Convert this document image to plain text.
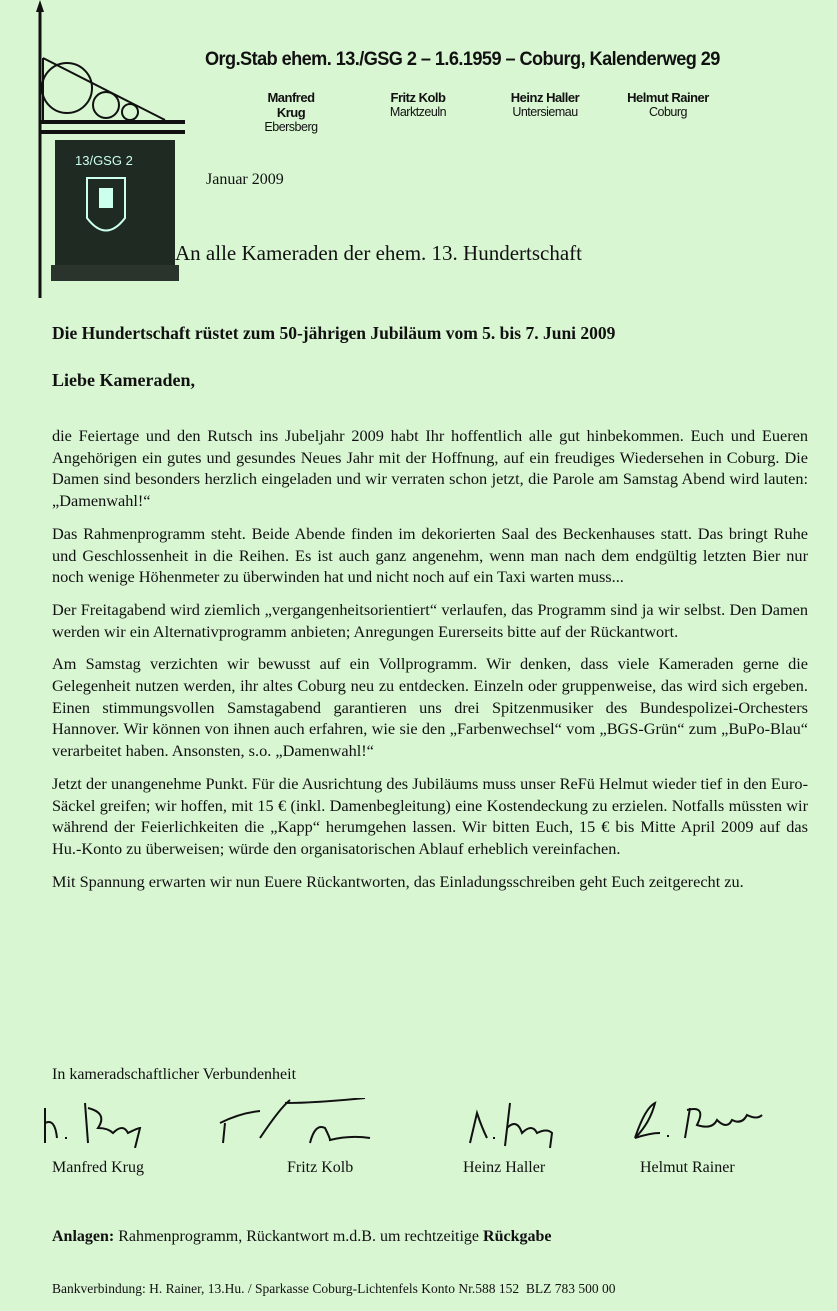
13/GSG 2
Org.Stab ehem. 13./GSG 2 – 1.6.1959 – Coburg, Kalenderweg 29
Manfred Krug
Ebersberg
Fritz Kolb
Marktzeuln
Heinz Haller
Untersiemau
Helmut Rainer
Coburg
Januar 2009
An alle Kameraden der ehem. 13. Hundertschaft
Die Hundertschaft rüstet zum 50-jährigen Jubiläum vom 5. bis 7. Juni 2009
Liebe Kameraden,

die Feiertage und den Rutsch ins Jubeljahr 2009 habt Ihr hoffentlich alle gut hinbekommen. Euch und Eueren Angehörigen ein gutes und gesundes Neues Jahr mit der Hoffnung, auf ein freudiges Wiedersehen in Coburg. Die Damen sind besonders herzlich eingeladen und wir verraten schon jetzt, die Parole am Samstag Abend wird lauten: „Damenwahl!“

Das Rahmenprogramm steht. Beide Abende finden im dekorierten Saal des Beckenhauses statt. Das bringt Ruhe und Geschlossenheit in die Reihen. Es ist auch ganz angenehm, wenn man nach dem endgültig letzten Bier nur noch wenige Höhenmeter zu überwinden hat und nicht noch auf ein Taxi warten muss...

Der Freitagabend wird ziemlich „vergangenheitsorientiert“ verlaufen, das Programm sind ja wir selbst. Den Damen werden wir ein Alternativprogramm anbieten; Anregungen Eurerseits bitte auf der Rückantwort.

Am Samstag verzichten wir bewusst auf ein Vollprogramm. Wir denken, dass viele Kameraden gerne die Gelegenheit nutzen werden, ihr altes Coburg neu zu entdecken. Einzeln oder gruppenweise, das wird sich ergeben. Einen stimmungsvollen Samstagabend garantieren uns drei Spitzenmusiker des Bundespolizei-Orchesters Hannover. Wir können von ihnen auch erfahren, wie sie den „Farbenwechsel“ vom „BGS-Grün“ zum „BuPo-Blau“ verarbeitet haben. Ansonsten, s.o. „Damenwahl!“

Jetzt der unangenehme Punkt. Für die Ausrichtung des Jubiläums muss unser ReFü Helmut wieder tief in den Euro-Säckel greifen; wir hoffen, mit 15 € (inkl. Damenbegleitung) eine Kostendeckung zu erzielen. Notfalls müssten wir während der Feierlichkeiten die „Kapp“ herumgehen lassen. Wir bitten Euch, 15 € bis Mitte April 2009 auf das Hu.-Konto zu überweisen; würde den organisatorischen Ablauf erheblich vereinfachen.

Mit Spannung erwarten wir nun Euere Rückantworten, das Einladungsschreiben geht Euch zeitgerecht zu.

In kameradschaftlicher Verbundenheit
Manfred Krug	Fritz Kolb	Heinz Haller	Helmut Rainer
Anlagen: Rahmenprogramm, Rückantwort m.d.B. um rechtzeitige Rückgabe
Bankverbindung: H. Rainer, 13.Hu. / Sparkasse Coburg-Lichtenfels Konto Nr.588 152  BLZ 783 500 00
